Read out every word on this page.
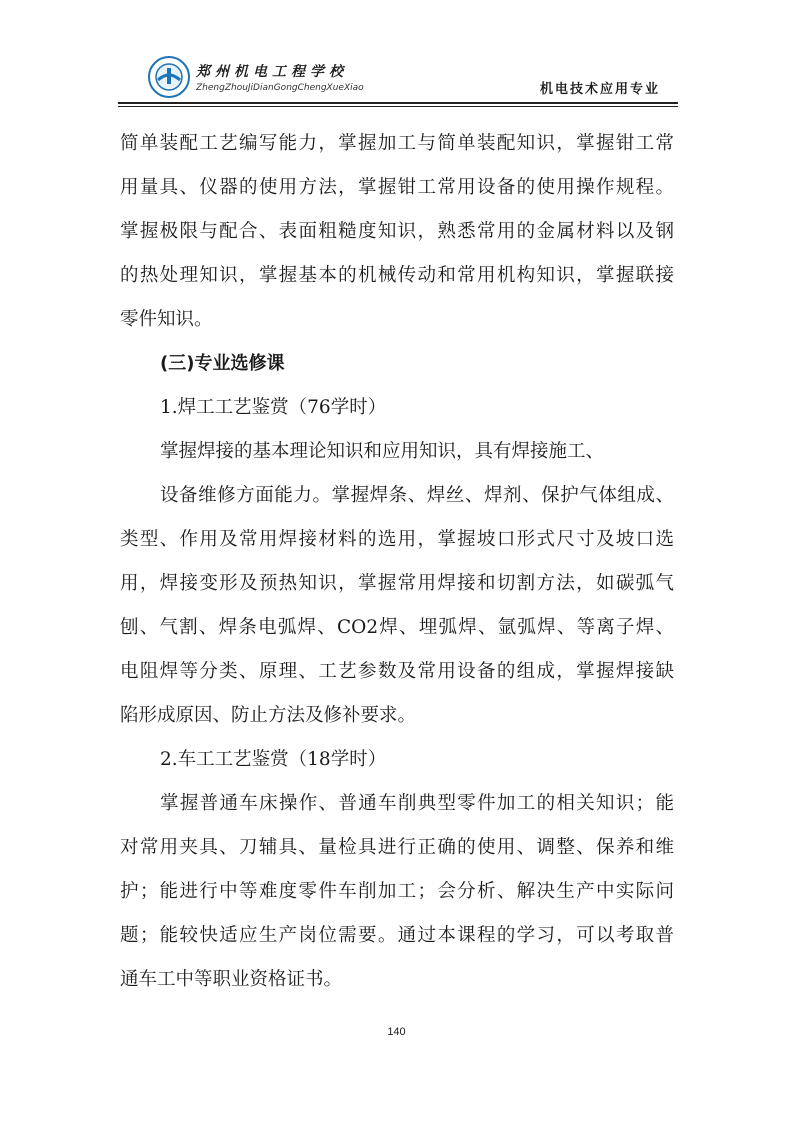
郑州机电工程学校
ZhengZhouJiDianGongChengXueXiao	机电技术应用专业
简单装配工艺编写能力，掌握加工与简单装配知识，掌握钳工常
用量具、仪器的使用方法，掌握钳工常用设备的使用操作规程。
掌握极限与配合、表面粗糙度知识，熟悉常用的金属材料以及钢
的热处理知识，掌握基本的机械传动和常用机构知识，掌握联接
零件知识。
(三)专业选修课
1.焊工工艺鉴赏（76学时）
掌握焊接的基本理论知识和应用知识，具有焊接施工、
设备维修方面能力。掌握焊条、焊丝、焊剂、保护气体组成、
类型、作用及常用焊接材料的选用，掌握坡口形式尺寸及坡口选
用，焊接变形及预热知识，掌握常用焊接和切割方法，如碳弧气
刨、气割、焊条电弧焊、CO2焊、埋弧焊、氩弧焊、等离子焊、
电阻焊等分类、原理、工艺参数及常用设备的组成，掌握焊接缺
陷形成原因、防止方法及修补要求。
2.车工工艺鉴赏（18学时）
掌握普通车床操作、普通车削典型零件加工的相关知识；能
对常用夹具、刀辅具、量检具进行正确的使用、调整、保养和维
护；能进行中等难度零件车削加工；会分析、解决生产中实际问
题；能较快适应生产岗位需要。通过本课程的学习，可以考取普
通车工中等职业资格证书。
140
